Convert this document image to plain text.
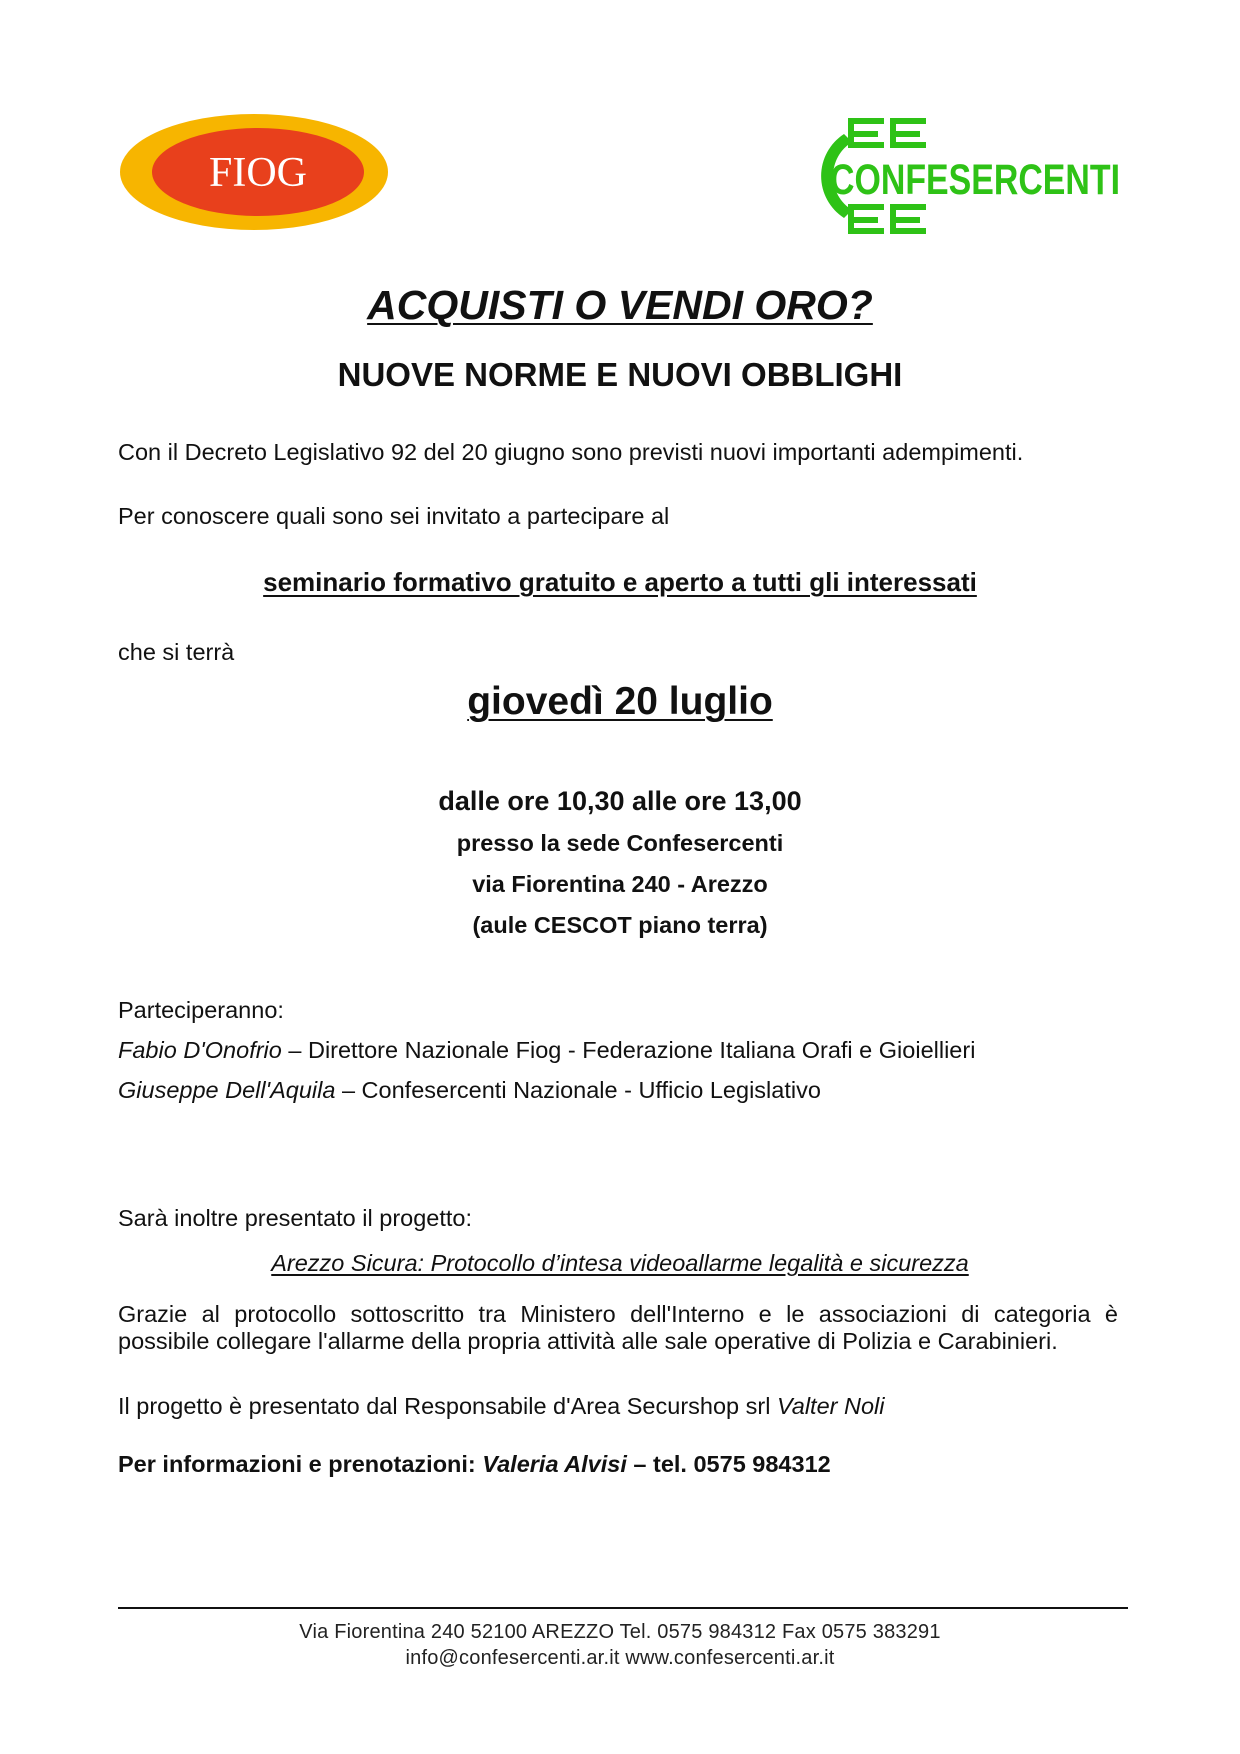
FIOG	CONFESERCENTI
ACQUISTI O VENDI ORO?
NUOVE NORME E NUOVI OBBLIGHI
Con il Decreto Legislativo 92 del 20 giugno sono previsti nuovi importanti adempimenti.
Per conoscere quali sono sei invitato a partecipare al
seminario formativo gratuito e aperto a tutti gli interessati
che si terrà
giovedì 20 luglio
dalle ore 10,30 alle ore 13,00
presso la sede Confesercenti
via Fiorentina 240 - Arezzo
(aule CESCOT piano terra)
Parteciperanno:
Fabio D'Onofrio – Direttore Nazionale Fiog - Federazione Italiana Orafi e Gioiellieri
Giuseppe Dell'Aquila – Confesercenti Nazionale - Ufficio Legislativo
Sarà inoltre presentato il progetto:
Arezzo Sicura: Protocollo d’intesa videoallarme legalità e sicurezza
Grazie al protocollo sottoscritto tra Ministero dell'Interno e le associazioni di categoria è
possibile collegare l'allarme della propria attività alle sale operative di Polizia e Carabinieri.
Il progetto è presentato dal Responsabile d'Area Securshop srl Valter Noli
Per informazioni e prenotazioni: Valeria Alvisi – tel. 0575 984312
Via Fiorentina 240 52100 AREZZO Tel. 0575 984312 Fax 0575 383291
info@confesercenti.ar.it www.confesercenti.ar.it
